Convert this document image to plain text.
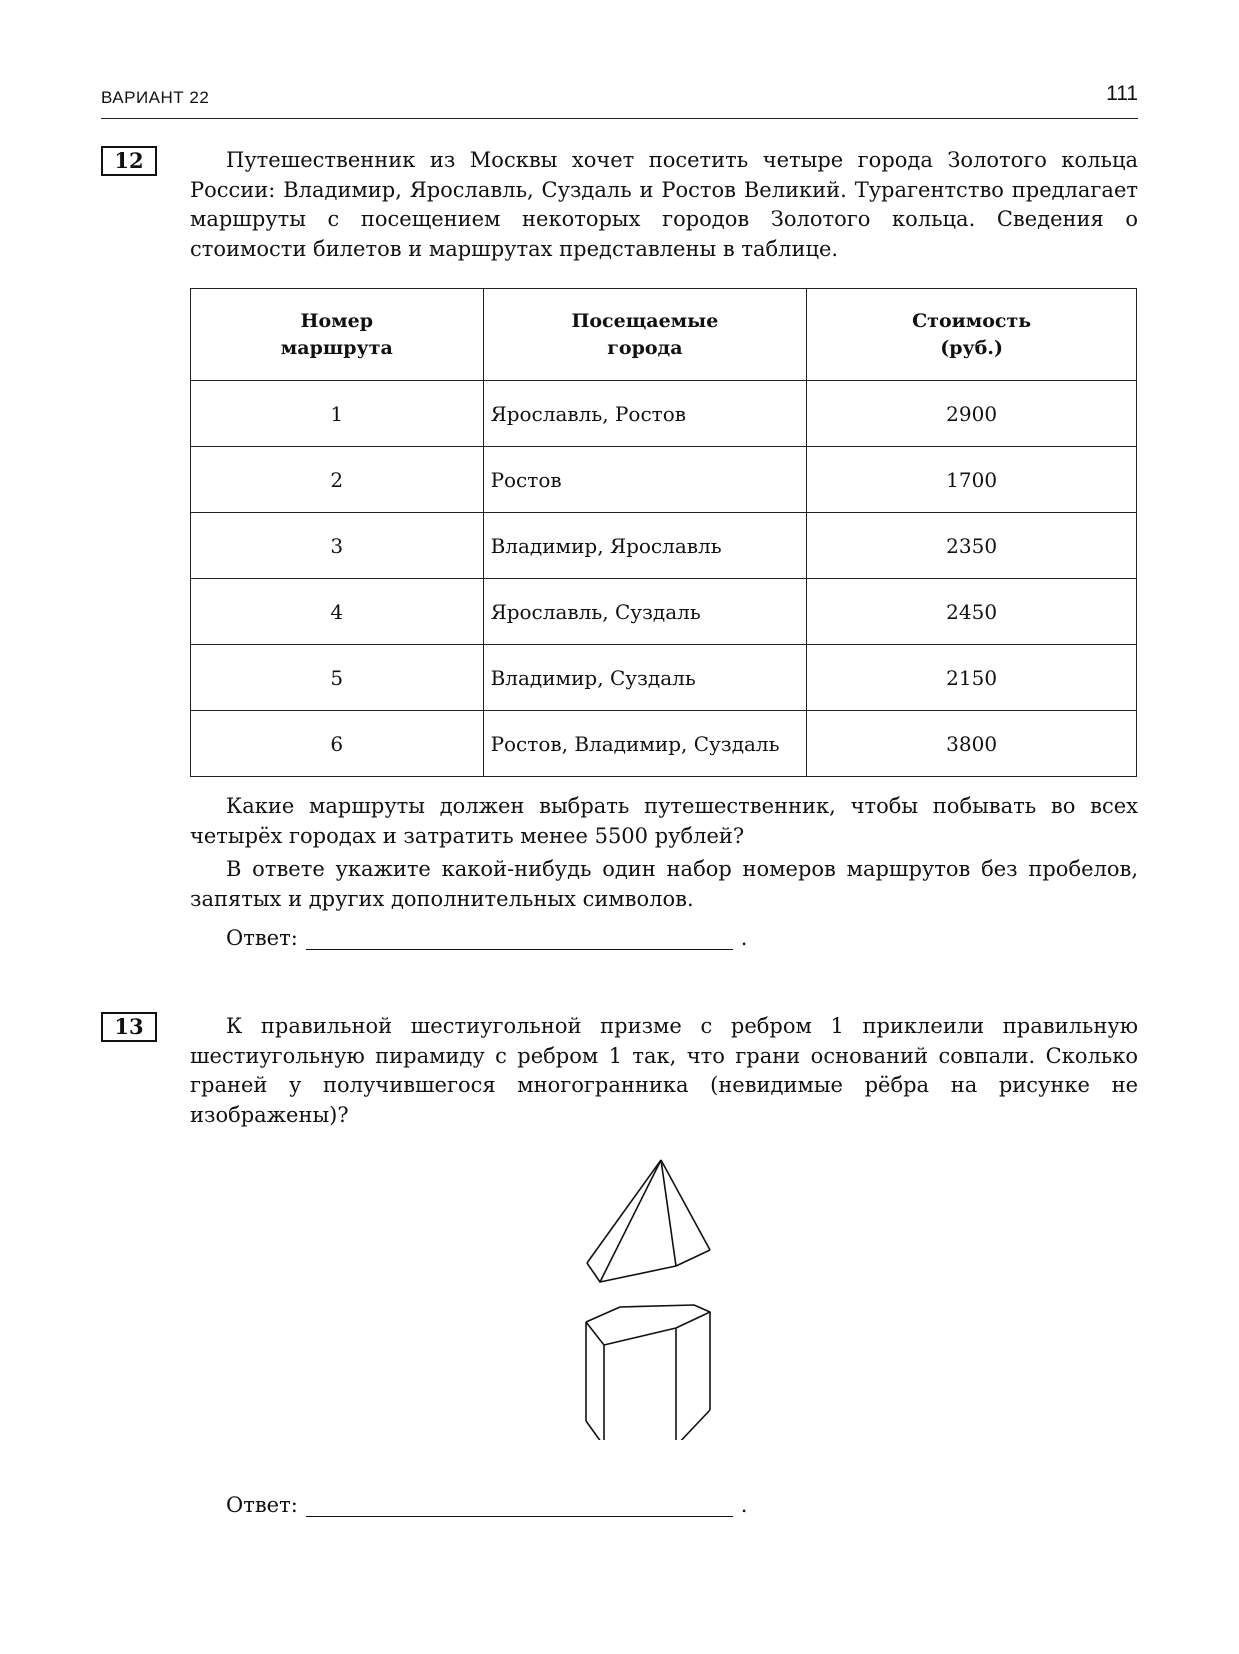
ВАРИАНТ 22	111
12	Путешественник из Москвы хочет посетить четыре города Золотого кольца России: Владимир, Ярославль, Суздаль и Ростов Великий. Турагентство предлагает маршруты с посещением некоторых городов Золотого кольца. Сведения о стоимости билетов и маршрутах представлены в таблице.

Номер маршрута	Посещаемые города	Стоимость (руб.)
1	Ярославль, Ростов	2900
2	Ростов	1700
3	Владимир, Ярославль	2350
4	Ярославль, Суздаль	2450
5	Владимир, Суздаль	2150
6	Ростов, Владимир, Суздаль	3800

Какие маршруты должен выбрать путешественник, чтобы побывать во всех четырёх городах и затратить менее 5500 рублей?

В ответе укажите какой-нибудь один набор номеров маршрутов без пробелов, запятых и других дополнительных символов.

Ответ:	.
13	К правильной шестиугольной призме с ребром 1 приклеили правильную шестиугольную пирамиду с ребром 1 так, что грани оснований совпали. Сколько граней у получившегося многогранника (невидимые рёбра на рисунке не изображены)?

Ответ:	.
